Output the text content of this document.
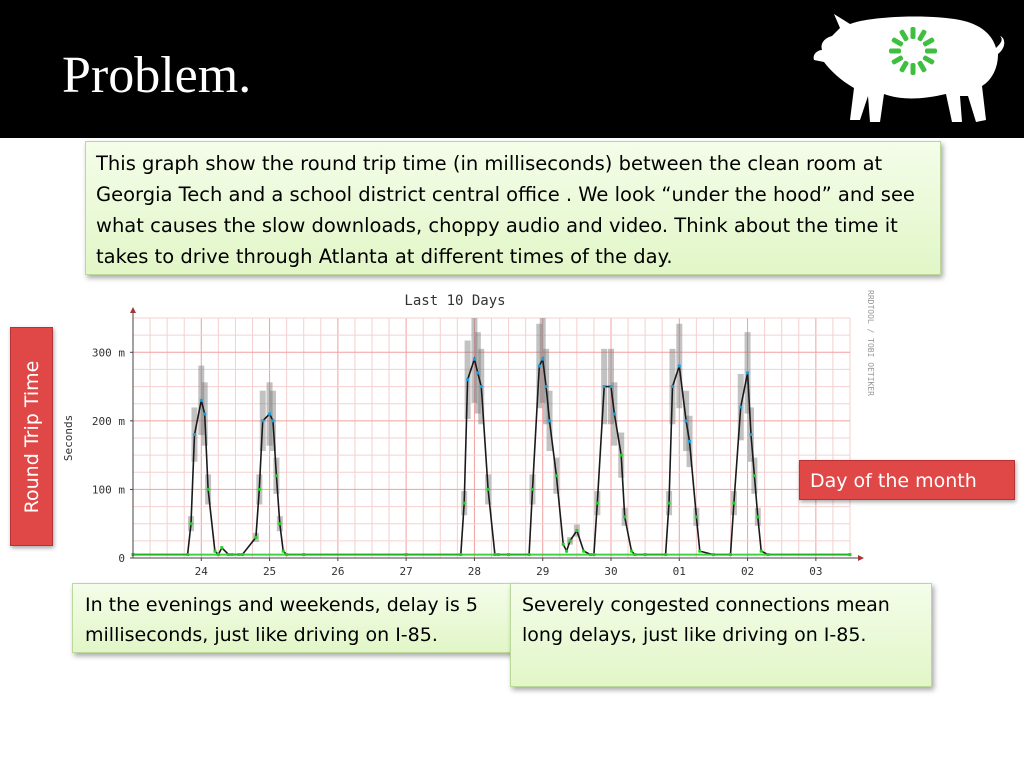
Problem.
This graph show the round trip time (in milliseconds) between the clean room at Georgia Tech and a school district central office . We look “under the hood” and see what causes the slow downloads, choppy audio and video. Think about the time it takes to drive through Atlanta at different times of the day.
Round Trip Time
0
100 m
200 m
300 m
24	25	26	27	28	29	30	01	02	03
Last 10 Days
Seconds
RRDTOOL / TOBI OETIKER
Day of the month
In the evenings and weekends, delay is 5 milliseconds, just like driving on I-85.
Severely congested connections mean long delays, just like driving on I-85.
